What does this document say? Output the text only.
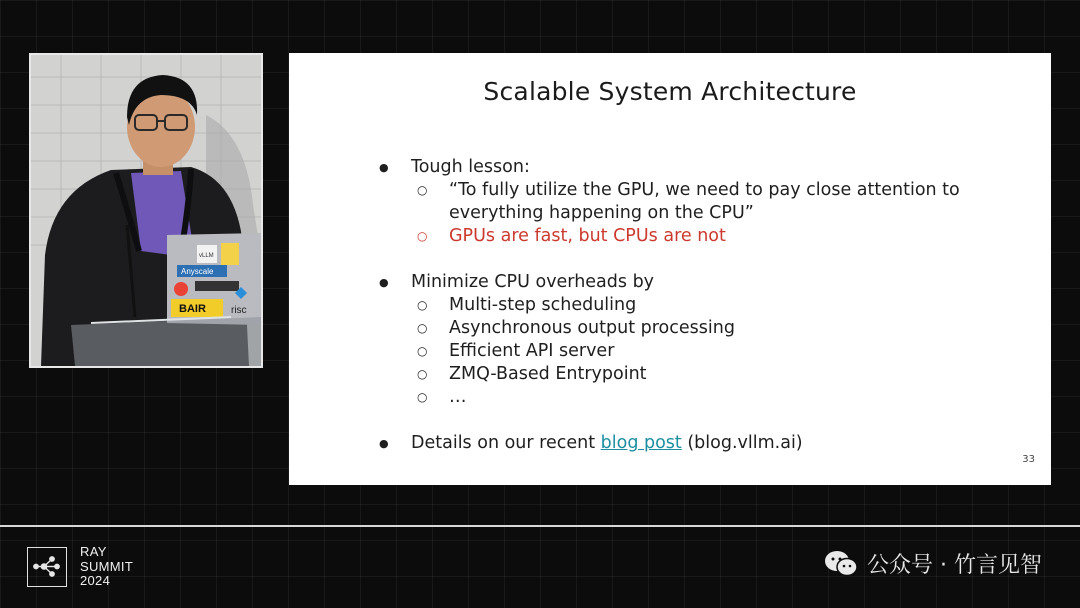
Anyscale
vLLM
BAIR	risc
Scalable System Architecture
● Tough lesson:
○ “To fully utilize the GPU, we need to pay close attention to
everything happening on the CPU”
○ GPUs are fast, but CPUs are not
● Minimize CPU overheads by
○ Multi-step scheduling
○ Asynchronous output processing
○ Efficient API server
○ ZMQ-Based Entrypoint
○ …
● Details on our recent blog post (blog.vllm.ai)
33
RAY
SUMMIT
2024
公众号 · 竹言见智
